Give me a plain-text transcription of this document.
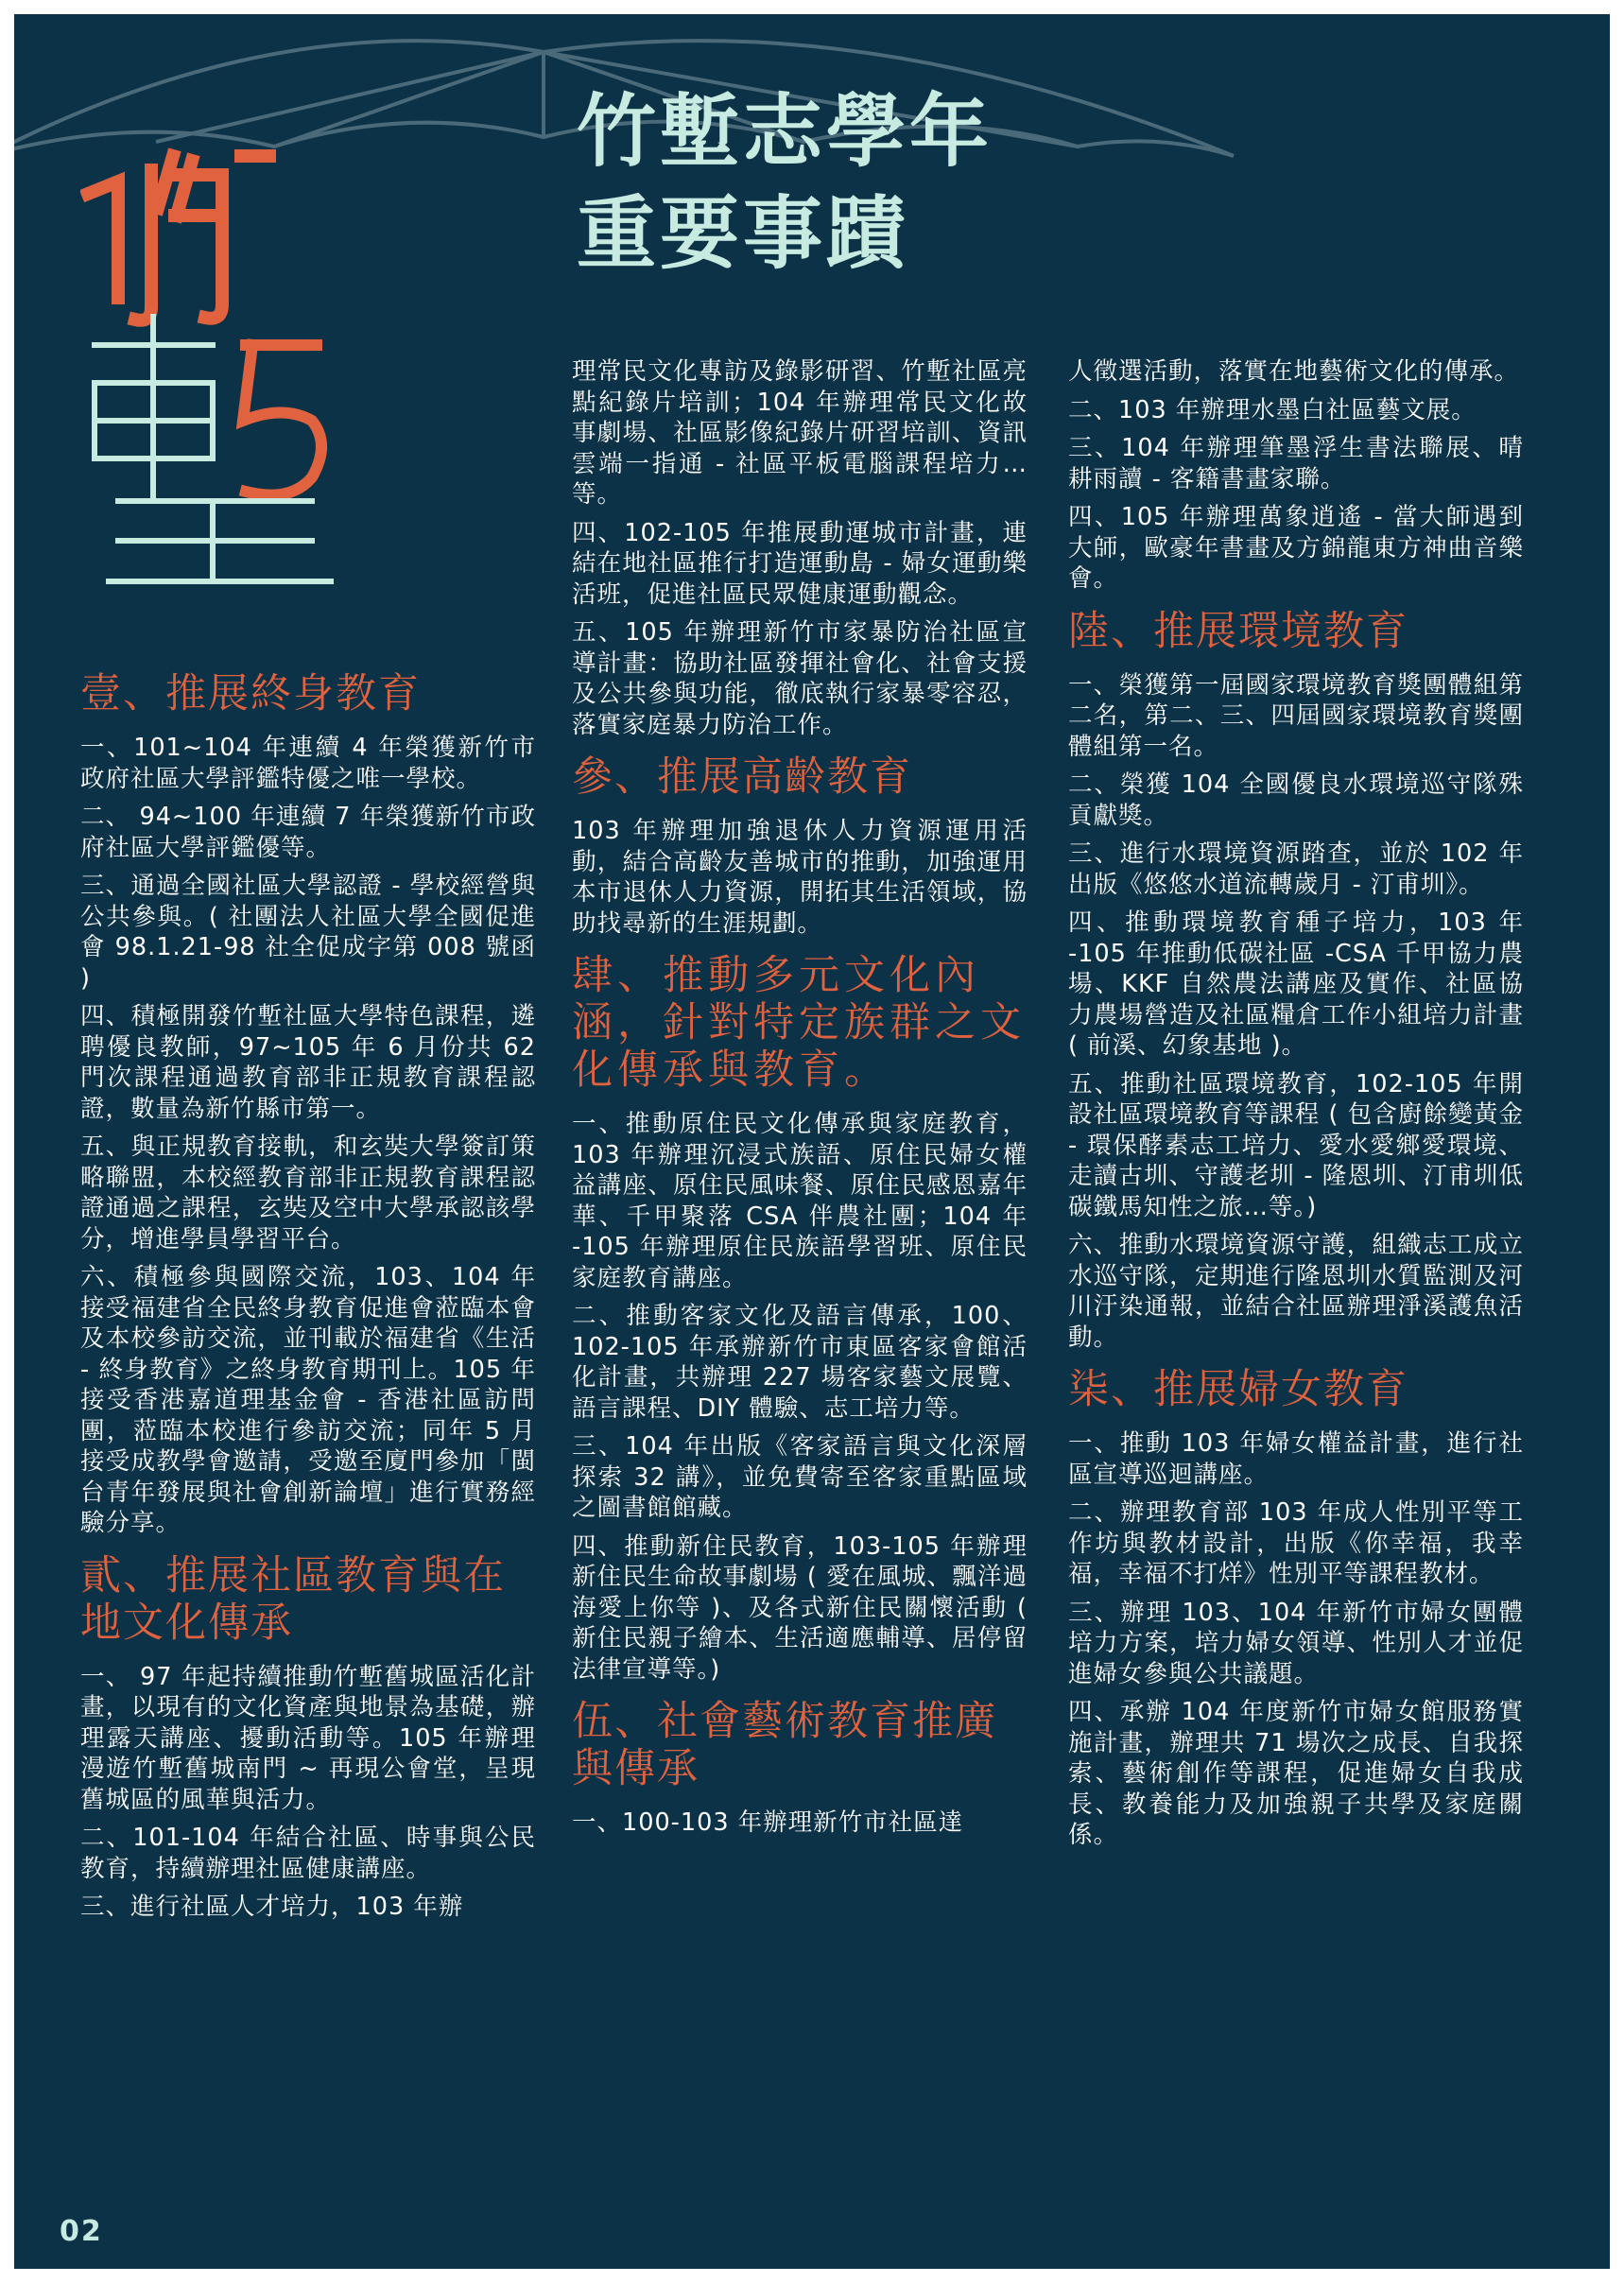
竹塹志學年
重要事蹟
壹、推展終身教育

一、101~104 年連續 4 年榮獲新竹市政府社區大學評鑑特優之唯一學校。

二、 94~100 年連續 7 年榮獲新竹市政府社區大學評鑑優等。

三、通過全國社區大學認證 - 學校經營與公共參與。( 社團法人社區大學全國促進會 98.1.21-98 社全促成字第 008 號函 )

四、積極開發竹塹社區大學特色課程，遴聘優良教師，97~105 年 6 月份共 62 門次課程通過教育部非正規教育課程認證，數量為新竹縣市第一。

五、與正規教育接軌，和玄奘大學簽訂策略聯盟，本校經教育部非正規教育課程認證通過之課程，玄奘及空中大學承認該學分，增進學員學習平台。

六、積極參與國際交流，103、104 年接受福建省全民終身教育促進會蒞臨本會及本校參訪交流，並刊載於福建省《生活 - 終身教育》之終身教育期刊上。105 年接受香港嘉道理基金會 - 香港社區訪問團，蒞臨本校進行參訪交流；同年 5 月接受成教學會邀請，受邀至廈門參加「閩台青年發展與社會創新論壇」進行實務經驗分享。

貳、推展社區教育與在地文化傳承

一、 97 年起持續推動竹塹舊城區活化計畫，以現有的文化資產與地景為基礎，辦理露天講座、擾動活動等。105 年辦理漫遊竹塹舊城南門 ~ 再現公會堂，呈現舊城區的風華與活力。

二、101-104 年結合社區、時事與公民教育，持續辦理社區健康講座。

三、進行社區人才培力，103 年辦

理常民文化專訪及錄影研習、竹塹社區亮點紀錄片培訓；104 年辦理常民文化故事劇場、社區影像紀錄片研習培訓、資訊雲端一指通 - 社區平板電腦課程培力…等。

四、102-105 年推展動運城市計畫，連結在地社區推行打造運動島 - 婦女運動樂活班，促進社區民眾健康運動觀念。

五、105 年辦理新竹市家暴防治社區宣導計畫：協助社區發揮社會化、社會支援及公共參與功能，徹底執行家暴零容忍，落實家庭暴力防治工作。

參、推展高齡教育

103 年辦理加強退休人力資源運用活動，結合高齡友善城市的推動，加強運用本市退休人力資源，開拓其生活領域，協助找尋新的生涯規劃。

肆、推動多元文化內涵，針對特定族群之文化傳承與教育。

一、推動原住民文化傳承與家庭教育，103 年辦理沉浸式族語、原住民婦女權益講座、原住民風味餐、原住民感恩嘉年華、千甲聚落 CSA 伴農社團；104 年 -105 年辦理原住民族語學習班、原住民家庭教育講座。

二、推動客家文化及語言傳承，100、102-105 年承辦新竹市東區客家會館活化計畫，共辦理 227 場客家藝文展覽、語言課程、DIY 體驗、志工培力等。

三、104 年出版《客家語言與文化深層探索 32 講》，並免費寄至客家重點區域之圖書館館藏。

四、推動新住民教育，103-105 年辦理新住民生命故事劇場 ( 愛在風城、飄洋過海愛上你等 )、及各式新住民關懷活動 ( 新住民親子繪本、生活適應輔導、居停留法律宣導等。)

伍、社會藝術教育推廣與傳承

一、100-103 年辦理新竹市社區達

人徵選活動，落實在地藝術文化的傳承。

二、103 年辦理水墨白社區藝文展。

三、104 年辦理筆墨浮生書法聯展、晴耕雨讀 - 客籍書畫家聯。

四、105 年辦理萬象逍遙 - 當大師遇到大師，歐豪年書畫及方錦龍東方神曲音樂會。

陸、推展環境教育

一、榮獲第一屆國家環境教育獎團體組第二名，第二、三、四屆國家環境教育獎團體組第一名。

二、榮獲 104 全國優良水環境巡守隊殊貢獻獎。

三、進行水環境資源踏查，並於 102 年出版《悠悠水道流轉歲月 - 汀甫圳》。

四、推動環境教育種子培力，103 年 -105 年推動低碳社區 -CSA 千甲協力農場、KKF 自然農法講座及實作、社區協力農場營造及社區糧倉工作小組培力計畫 ( 前溪、幻象基地 )。

五、推動社區環境教育，102-105 年開設社區環境教育等課程 ( 包含廚餘變黃金 - 環保酵素志工培力、愛水愛鄉愛環境、走讀古圳、守護老圳 - 隆恩圳、汀甫圳低碳鐵馬知性之旅…等。)

六、推動水環境資源守護，組織志工成立水巡守隊，定期進行隆恩圳水質監測及河川汙染通報，並結合社區辦理淨溪護魚活動。

柒、推展婦女教育

一、推動 103 年婦女權益計畫，進行社區宣導巡迴講座。

二、辦理教育部 103 年成人性別平等工作坊與教材設計，出版《你幸福，我幸福，幸福不打烊》性別平等課程教材。

三、辦理 103、104 年新竹市婦女團體培力方案，培力婦女領導、性別人才並促進婦女參與公共議題。

四、承辦 104 年度新竹市婦女館服務實施計畫，辦理共 71 場次之成長、自我探索、藝術創作等課程，促進婦女自我成長、教養能力及加強親子共學及家庭關係。

02
